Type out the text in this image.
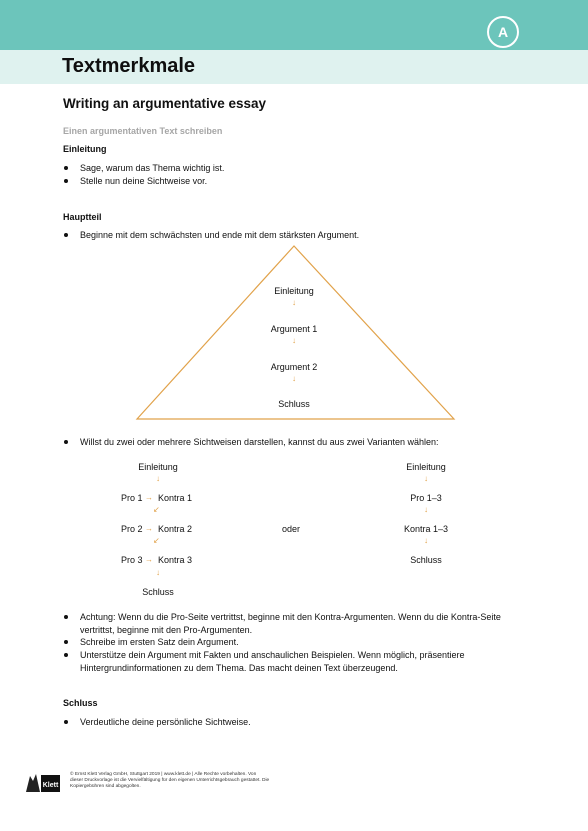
A
Textmerkmale
Writing an argumentative essay
Einen argumentativen Text schreiben
Einleitung
Sage, warum das Thema wichtig ist.
Stelle nun deine Sichtweise vor.
Hauptteil
Beginne mit dem schwächsten und ende mit dem stärksten Argument.
Einleitung
↓
Argument 1
↓
Argument 2
↓
Schluss
Willst du zwei oder mehrere Sichtweisen darstellen, kannst du aus zwei Varianten wählen:
Einleitung
↓
Pro 1 → Kontra 1
↙
Pro 2 → Kontra 2
↙
Pro 3 → Kontra 3
↓
Schluss
oder
Einleitung
↓
Pro 1–3
↓
Kontra 1–3
↓
Schluss
Achtung: Wenn du die Pro-Seite vertrittst, beginne mit den Kontra-Argumenten. Wenn du die Kontra-Seite vertrittst, beginne mit den Pro-Argumenten.
Schreibe im ersten Satz dein Argument.
Unterstütze dein Argument mit Fakten und anschaulichen Beispielen. Wenn möglich, präsentiere Hintergrundinformationen zu dem Thema. Das macht deinen Text überzeugend.
Schluss
Verdeutliche deine persönliche Sichtweise.
Klett
© Ernst Klett Verlag GmbH, Stuttgart 2019 | www.klett.de | Alle Rechte vorbehalten. Von dieser Druckvorlage ist die Vervielfältigung für den eigenen Unterrichtsgebrauch gestattet. Die Kopiergebühren sind abgegolten.
